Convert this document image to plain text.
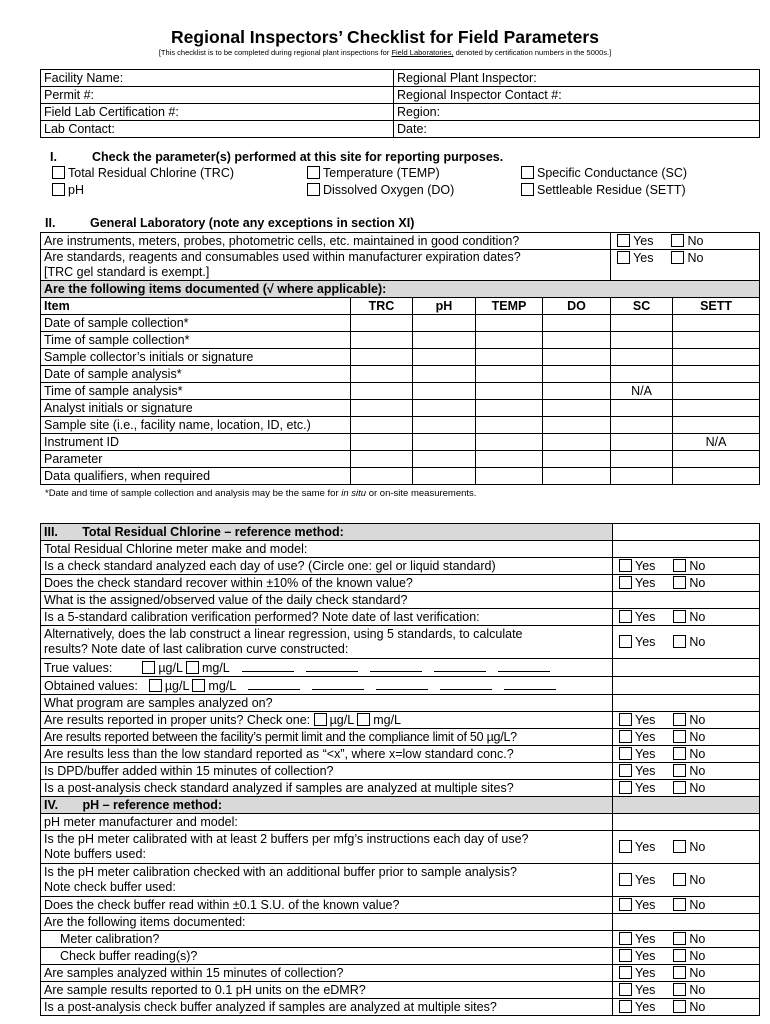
Regional Inspectors’ Checklist for Field Parameters
[This checklist is to be completed during regional plant inspections for Field Laboratories, denoted by certification numbers in the 5000s.]
Facility Name:	Regional Plant Inspector:
Permit #:	Regional Inspector Contact #:
Field Lab Certification #:	Region:
Lab Contact:	Date:
I.	Check the parameter(s) performed at this site for reporting purposes.
Total Residual Chlorine (TRC)	Temperature (TEMP)	Specific Conductance (SC)
pH	Dissolved Oxygen (DO)	Settleable Residue (SETT)
II.	General Laboratory (note any exceptions in section XI)
Are instruments, meters, probes, photometric cells, etc. maintained in good condition?					Yes No	

Are standards, reagents and consumables used within manufacturer expiration dates?
[TRC gel standard is exempt.]					Yes No	
Are the following items documented (√ where applicable):						
Item	TRC	pH	TEMP	DO	SC	SETT
Date of sample collection*						
Time of sample collection*						
Sample collector’s initials or signature						
Date of sample analysis*						
Time of sample analysis*					N/A	
Analyst initials or signature						
Sample site (i.e., facility name, location, ID, etc.)						
Instrument ID						N/A
Parameter						
Data qualifiers, when required						
*Date and time of sample collection and analysis may be the same for in situ or on-site measurements.
III.       Total Residual Chlorine – reference method:	
Total Residual Chlorine meter make and model:	
Is a check standard analyzed each day of use? (Circle one: gel or liquid standard)	Yes No
Does the check standard recover within ±10% of the known value?	Yes No
What is the assigned/observed value of the daily check standard?	
Is a 5-standard calibration verification performed? Note date of last verification:	Yes No

Alternatively, does the lab construct a linear regression, using 5 standards, to calculate
results? Note date of last calibration curve constructed:	Yes No
True values: µg/L mg/L	
Obtained values: µg/L mg/L	
What program are samples analyzed on?	
Are results reported in proper units? Check one: µg/L mg/L	Yes No
Are results reported between the facility’s permit limit and the compliance limit of 50 µg/L?	Yes No
Are results less than the low standard reported as “<x”, where x=low standard conc.?	Yes No
Is DPD/buffer added within 15 minutes of collection?	Yes No
Is a post-analysis check standard analyzed if samples are analyzed at multiple sites?	Yes No
IV.       pH – reference method:	
pH meter manufacturer and model:	

Is the pH meter calibrated with at least 2 buffers per mfg’s instructions each day of use?
Note buffers used:	Yes No

Is the pH meter calibration checked with an additional buffer prior to sample analysis?
Note check buffer used:	Yes No
Does the check buffer read within ±0.1 S.U. of the known value?	Yes No
Are the following items documented:	
Meter calibration?	Yes No
Check buffer reading(s)?	Yes No
Are samples analyzed within 15 minutes of collection?	Yes No
Are sample results reported to 0.1 pH units on the eDMR?	Yes No
Is a post-analysis check buffer analyzed if samples are analyzed at multiple sites?	Yes No
